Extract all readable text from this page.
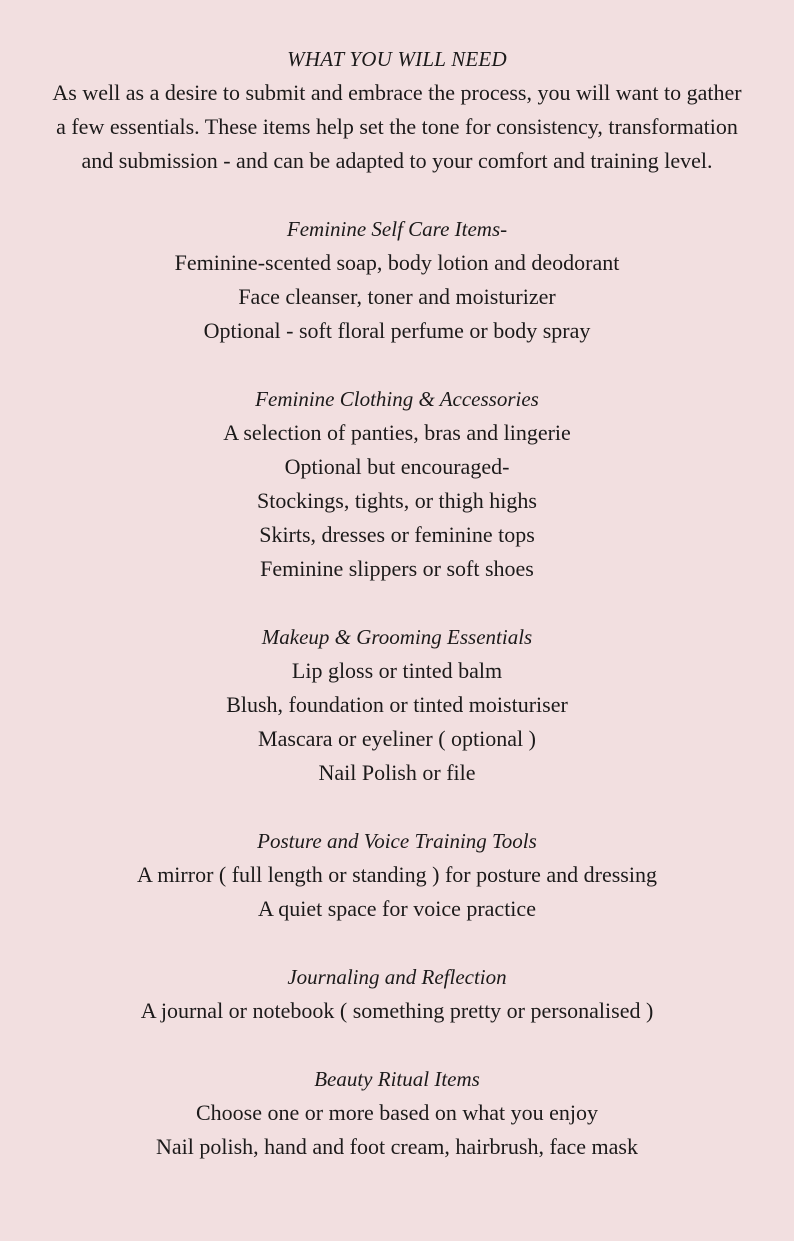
WHAT YOU WILL NEED

As well as a desire to submit and embrace the process, you will want to gather
a few essentials. These items help set the tone for consistency, transformation
and submission - and can be adapted to your comfort and training level.

Feminine Self Care Items-

Feminine-scented soap, body lotion and deodorant

Face cleanser, toner and moisturizer

Optional - soft floral perfume or body spray

Feminine Clothing & Accessories

A selection of panties, bras and lingerie

Optional but encouraged-

Stockings, tights, or thigh highs

Skirts, dresses or feminine tops

Feminine slippers or soft shoes

Makeup & Grooming Essentials

Lip gloss or tinted balm

Blush, foundation or tinted moisturiser

Mascara or eyeliner ( optional )

Nail Polish or file

Posture and Voice Training Tools

A mirror ( full length or standing ) for posture and dressing

A quiet space for voice practice

Journaling and Reflection

A journal or notebook ( something pretty or personalised )

Beauty Ritual Items

Choose one or more based on what you enjoy

Nail polish, hand and foot cream, hairbrush, face mask
